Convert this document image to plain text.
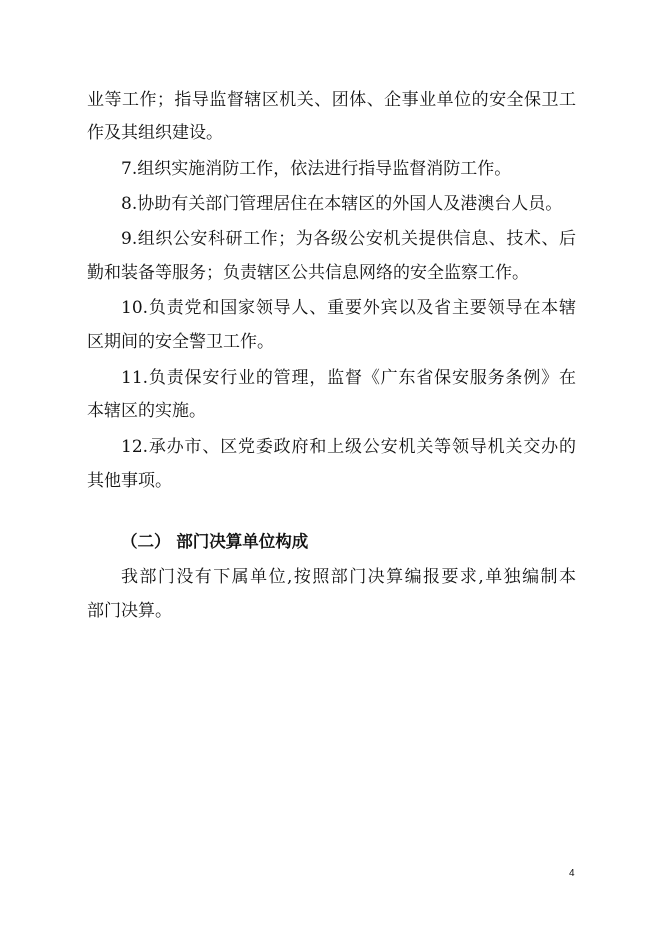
业等工作；指导监督辖区机关、团体、企事业单位的安全保卫工
作及其组织建设。
7.组织实施消防工作，依法进行指导监督消防工作。
8.协助有关部门管理居住在本辖区的外国人及港澳台人员。
9.组织公安科研工作；为各级公安机关提供信息、技术、后
勤和装备等服务；负责辖区公共信息网络的安全监察工作。
10.负责党和国家领导人、重要外宾以及省主要领导在本辖
区期间的安全警卫工作。
11.负责保安行业的管理，监督《广东省保安服务条例》在
本辖区的实施。
12.承办市、区党委政府和上级公安机关等领导机关交办的
其他事项。
（二） 部门决算单位构成
我部门没有下属单位,按照部门决算编报要求,单独编制本
部门决算。
4
